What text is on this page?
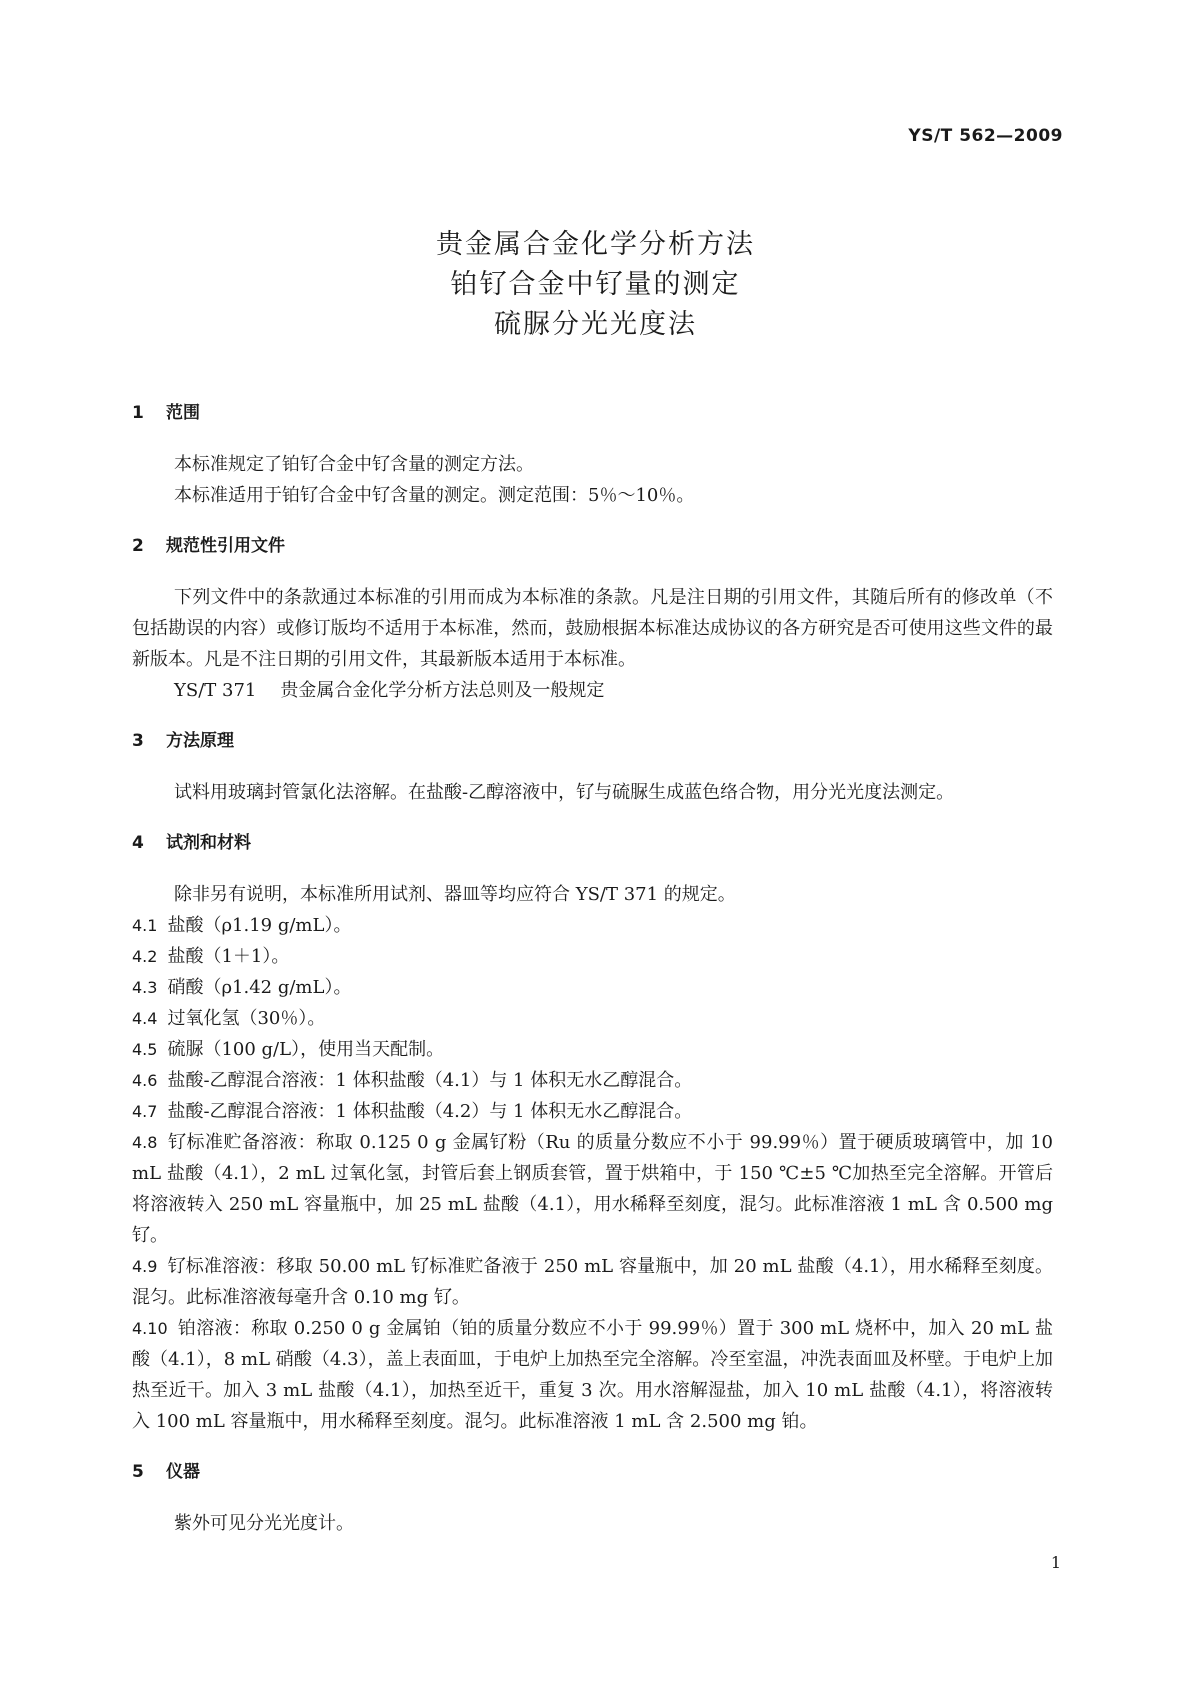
YS/T 562—2009
贵金属合金化学分析方法
铂钌合金中钌量的测定
硫脲分光光度法
1 范围

本标准规定了铂钌合金中钌含量的测定方法。

本标准适用于铂钌合金中钌含量的测定。测定范围：5％～10％。

2 规范性引用文件

下列文件中的条款通过本标准的引用而成为本标准的条款。凡是注日期的引用文件，其随后所有的修改单（不包括勘误的内容）或修订版均不适用于本标准，然而，鼓励根据本标准达成协议的各方研究是否可使用这些文件的最新版本。凡是不注日期的引用文件，其最新版本适用于本标准。

YS/T 371 贵金属合金化学分析方法总则及一般规定
3 方法原理

试料用玻璃封管氯化法溶解。在盐酸-乙醇溶液中，钌与硫脲生成蓝色络合物，用分光光度法测定。

4 试剂和材料

除非另有说明，本标准所用试剂、器皿等均应符合 YS/T 371 的规定。

4.1 盐酸（ρ1.19 g/mL）。

4.2 盐酸（1＋1）。

4.3 硝酸（ρ1.42 g/mL）。

4.4 过氧化氢（30％）。

4.5 硫脲（100 g/L），使用当天配制。

4.6 盐酸-乙醇混合溶液：1 体积盐酸（4.1）与 1 体积无水乙醇混合。

4.7 盐酸-乙醇混合溶液：1 体积盐酸（4.2）与 1 体积无水乙醇混合。

4.8 钌标准贮备溶液：称取 0.125 0 g 金属钌粉（Ru 的质量分数应不小于 99.99％）置于硬质玻璃管中，加 10 mL 盐酸（4.1），2 mL 过氧化氢，封管后套上钢质套管，置于烘箱中，于 150 ℃±5 ℃加热至完全溶解。开管后将溶液转入 250 mL 容量瓶中，加 25 mL 盐酸（4.1），用水稀释至刻度，混匀。此标准溶液 1 mL 含 0.500 mg 钌。

4.9 钌标准溶液：移取 50.00 mL 钌标准贮备液于 250 mL 容量瓶中，加 20 mL 盐酸（4.1），用水稀释至刻度。混匀。此标准溶液每毫升含 0.10 mg 钌。

4.10 铂溶液：称取 0.250 0 g 金属铂（铂的质量分数应不小于 99.99％）置于 300 mL 烧杯中，加入 20 mL 盐酸（4.1），8 mL 硝酸（4.3），盖上表面皿，于电炉上加热至完全溶解。冷至室温，冲洗表面皿及杯壁。于电炉上加热至近干。加入 3 mL 盐酸（4.1），加热至近干，重复 3 次。用水溶解湿盐，加入 10 mL 盐酸（4.1），将溶液转入 100 mL 容量瓶中，用水稀释至刻度。混匀。此标准溶液 1 mL 含 2.500 mg 铂。

5 仪器

紫外可见分光光度计。

1
